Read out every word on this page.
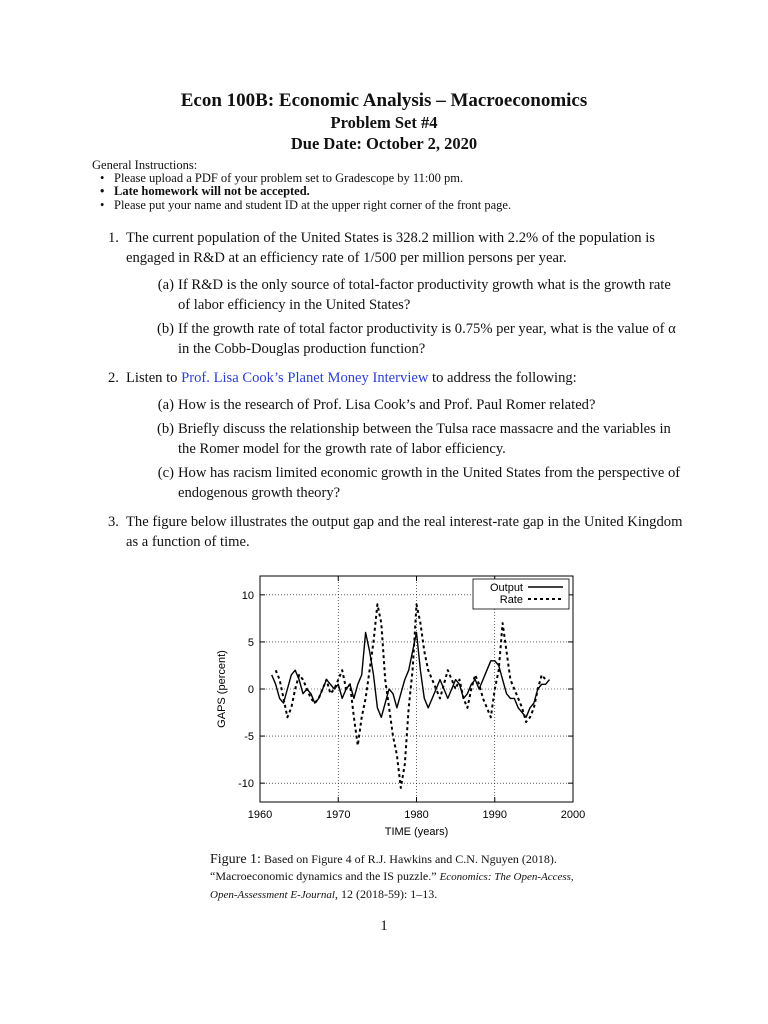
Econ 100B: Economic Analysis – Macroeconomics
Problem Set #4
Due Date: October 2, 2020
General Instructions:
• Please upload a PDF of your problem set to Gradescope by 11:00 pm.
• Late homework will not be accepted.
• Please put your name and student ID at the upper right corner of the front page.
1. The current population of the United States is 328.2 million with 2.2% of the population is engaged in R&D at an efficiency rate of 1/500 per million persons per year.
(a) If R&D is the only source of total-factor productivity growth what is the growth rate of labor efficiency in the United States?
(b) If the growth rate of total factor productivity is 0.75% per year, what is the value of α in the Cobb-Douglas production function?
2. Listen to Prof. Lisa Cook’s Planet Money Interview to address the following:
(a) How is the research of Prof. Lisa Cook’s and Prof. Paul Romer related?
(b) Briefly discuss the relationship between the Tulsa race massacre and the variables in the Romer model for the growth rate of labor efficiency.
(c) How has racism limited economic growth in the United States from the perspective of endogenous growth theory?
3. The figure below illustrates the output gap and the real interest-rate gap in the United Kingdom as a function of time.
1960	1970	1980	1990	2000
10
5
0
-5
-10
TIME (years)
GAPS (percent)
Output
Rate
Figure 1: Based on Figure 4 of R.J. Hawkins and C.N. Nguyen (2018). “Macroeconomic dynamics and the IS puzzle.” Economics: The Open-Access, Open-Assessment E-Journal, 12 (2018-59): 1–13.
1
